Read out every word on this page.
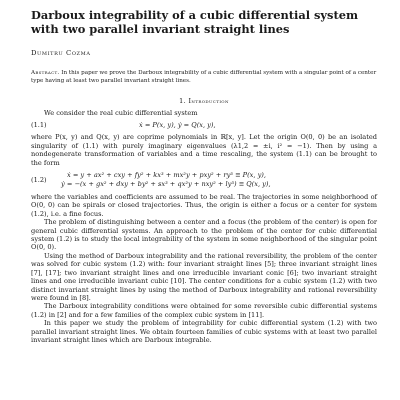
Darboux integrability of a cubic differential system with two parallel invariant straight lines
Dumitru Cozma
Abstract. In this paper we prove the Darboux integrability of a cubic differential system with a singular point of a center type having at least two parallel invariant straight lines.
1. Introduction

We consider the real cubic differential system

(1.1)	ẋ = P(x, y), ẏ = Q(x, y),

where P(x, y) and Q(x, y) are coprime polynomials in ℝ[x, y]. Let the origin O(0, 0) be an isolated singularity of (1.1) with purely imaginary eigenvalues (λ1,2 = ±i, i² = −1). Then by using a nondegenerate transformation of variables and a time rescaling, the system (1.1) can be brought to the form

(1.2)
ẋ = y + ax² + cxy + fy² + kx³ + mx²y + pxy² + ry³ ≡ P(x, y),
ẏ = −(x + gx² + dxy + by² + sx³ + qx²y + nxy² + ly³) ≡ Q(x, y),

where the variables and coefficients are assumed to be real. The trajectories in some neighborhood of O(0, 0) can be spirals or closed trajectories. Thus, the origin is either a focus or a center for system (1.2), i.e. a fine focus.

The problem of distinguishing between a center and a focus (the problem of the center) is open for general cubic differential systems. An approach to the problem of the center for cubic differential system (1.2) is to study the local integrability of the system in some neighborhood of the singular point O(0, 0).

Using the method of Darboux integrability and the rational reversibility, the problem of the center was solved for cubic system (1.2) with: four invariant straight lines [5]; three invariant straight lines [7], [17]; two invariant straight lines and one irreducible invariant conic [6]; two invariant straight lines and one irreducible invariant cubic [10]. The center conditions for a cubic system (1.2) with two distinct invariant straight lines by using the method of Darboux integrability and rational reversibility were found in [8].

The Darboux integrability conditions were obtained for some reversible cubic differential systems (1.2) in [2] and for a few families of the complex cubic system in [11].

In this paper we study the problem of integrability for cubic differential system (1.2) with two parallel invariant straight lines. We obtain fourteen families of cubic systems with at least two parallel invariant straight lines which are Darboux integrable.
